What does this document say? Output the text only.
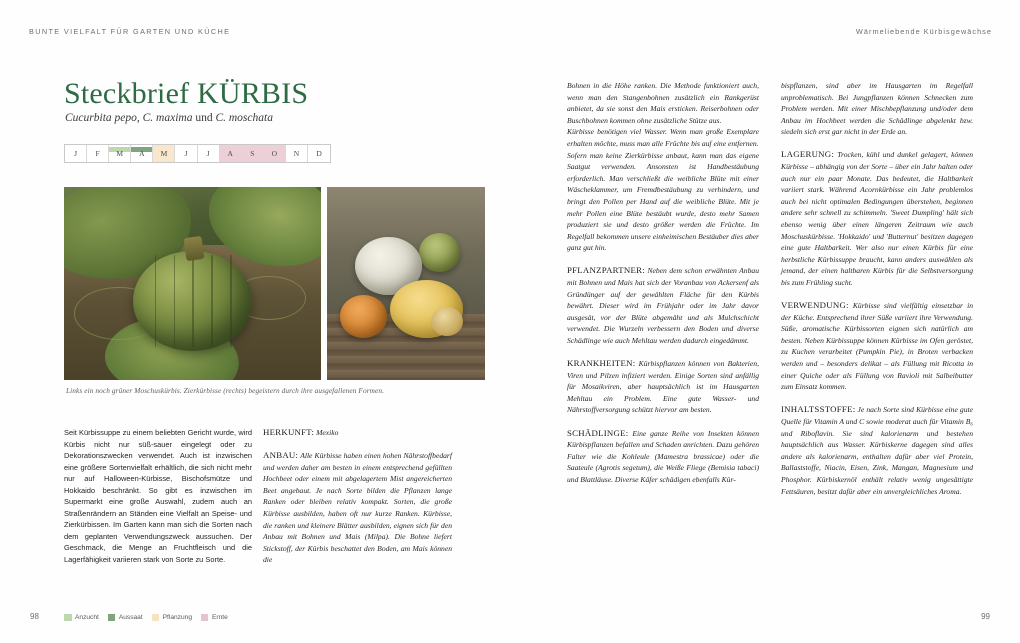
BUNTE VIELFALT FÜR GARTEN UND KÜCHE	Wärmeliebende Kürbisgewächse
Steckbrief KÜRBIS
Cucurbita pepo, C. maxima und C. moschata
J F M A M J	J A S O N D
Links ein noch grüner Moschuskürbis. Zierkürbisse (rechts) begeistern durch ihre ausgefallenen Formen.

Seit Kürbissuppe zu einem beliebten Gericht wurde, wird Kürbis nicht nur süß-sauer eingelegt oder zu Dekorationszwecken verwendet. Auch ist inzwischen eine größere Sortenvielfalt erhältlich, die sich nicht mehr nur auf Halloween-Kürbisse, Bischofsmütze und Hokkaido beschränkt. So gibt es inzwischen im Supermarkt eine große Auswahl, zudem auch an Straßenrändern an Ständen eine Vielfalt an Speise- und Zierkürbissen. Im Garten kann man sich die Sorten nach dem geplanten Verwendungszweck aussuchen. Der Geschmack, die Menge an Fruchtfleisch und die Lagerfähigkeit variieren stark von Sorte zu Sorte.

HERKUNFT: Mexiko

ANBAU: Alle Kürbisse haben einen hohen Nährstoffbedarf und werden daher am besten in einem entsprechend gefüllten Hochbeet oder einem mit abgelagertem Mist angereicherten Beet angebaut. Je nach Sorte bilden die Pflanzen lange Ranken oder bleiben relativ kompakt. Sorten, die große Kürbisse ausbilden, haben oft nur kurze Ranken. Kürbisse, die ranken und kleinere Blätter ausbilden, eignen sich für den Anbau mit Bohnen und Mais (Milpa). Die Bohne liefert Stickstoff, der Kürbis beschattet den Boden, am Mais können die

Bohnen in die Höhe ranken. Die Methode funktioniert auch, wenn man den Stangenbohnen zusätzlich ein Rankgerüst anbietet, da sie sonst den Mais ersticken. Reiserbohnen oder Buschbohnen kommen ohne zusätzliche Stütze aus.

Kürbisse benötigen viel Wasser. Wenn man große Exemplare erhalten möchte, muss man alle Früchte bis auf eine entfernen.

Sofern man keine Zierkürbisse anbaut, kann man das eigene Saatgut verwenden. Ansonsten ist Handbestäubung erforderlich. Man verschließt die weibliche Blüte mit einer Wäscheklammer, um Fremdbestäubung zu verhindern, und bringt den Pollen per Hand auf die weibliche Blüte. Mit je mehr Pollen eine Blüte bestäubt wurde, desto mehr Samen produziert sie und desto größer werden die Früchte. Im Regelfall bekommen unsere einheimischen Bestäuber dies aber ganz gut hin.

PFLANZPARTNER: Neben dem schon erwähnten Anbau mit Bohnen und Mais hat sich der Voranbau von Ackersenf als Gründünger auf der gewählten Fläche für den Kürbis bewährt. Dieser wird im Frühjahr oder im Jahr davor ausgesät, vor der Blüte abgemäht und als Mulchschicht verwendet. Die Wurzeln verbessern den Boden und diverse Schädlinge wie auch Mehltau werden dadurch eingedämmt.

KRANKHEITEN: Kürbispflanzen können von Bakterien, Viren und Pilzen infiziert werden. Einige Sorten sind anfällig für Mosaikviren, aber hauptsächlich ist im Hausgarten Mehltau ein Problem. Eine gute Wasser- und Nährstoffversorgung schützt hiervor am besten.

SCHÄDLINGE: Eine ganze Reihe von Insekten können Kürbispflanzen befallen und Schaden anrichten. Dazu gehören Falter wie die Kohleule (Mamestra brassicae) oder die Saateule (Agrotis segetum), die Weiße Fliege (Bemisia tabaci) und Blattläuse. Diverse Käfer schädigen ebenfalls Kür-

bispflanzen, sind aber im Hausgarten im Regelfall unproblematisch. Bei Jungpflanzen können Schnecken zum Problem werden. Mit einer Mischbepflanzung und/oder dem Anbau im Hochbeet werden die Schädlinge abgelenkt bzw. siedeln sich erst gar nicht in der Erde an.

LAGERUNG: Trocken, kühl und dunkel gelagert, können Kürbisse – abhängig von der Sorte – über ein Jahr halten oder auch nur ein paar Monate. Das bedeutet, die Haltbarkeit variiert stark. Während Acornkürbisse ein Jahr problemlos auch bei nicht optimalen Bedingungen überstehen, beginnen andere sehr schnell zu schimmeln. 'Sweet Dumpling' hält sich ebenso wenig über einen längeren Zeitraum wie auch Moschuskürbisse. 'Hokkaido' und 'Butternut' besitzen dagegen eine gute Haltbarkeit. Wer also nur einen Kürbis für eine herbstliche Kürbissuppe braucht, kann anders auswählen als jemand, der einen haltbaren Kürbis für die Selbstversorgung bis zum Frühling sucht.

VERWENDUNG: Kürbisse sind vielfältig einsetzbar in der Küche. Entsprechend ihrer Süße variiert ihre Verwendung. Süße, aromatische Kürbissorten eignen sich natürlich am besten. Neben Kürbissuppe können Kürbisse im Ofen geröstet, zu Kuchen verarbeitet (Pumpkin Pie), in Broten verbacken werden und – besonders delikat – als Füllung mit Ricotta in einer Quiche oder als Füllung von Ravioli mit Salbeibutter zum Einsatz kommen.

INHALTSSTOFFE: Je nach Sorte sind Kürbisse eine gute Quelle für Vitamin A und C sowie moderat auch für Vitamin B₆ und Riboflavin. Sie sind kalorienarm und bestehen hauptsächlich aus Wasser. Kürbiskerne dagegen sind alles andere als kalorienarm, enthalten dafür aber viel Protein, Ballaststoffe, Niacin, Eisen, Zink, Mangan, Magnesium und Phosphor. Kürbiskernöl enthält relativ wenig ungesättigte Fettsäuren, besitzt dafür aber ein unvergleichliches Aroma.

98	99
Anzucht	Aussaat	Pflanzung	Ernte
